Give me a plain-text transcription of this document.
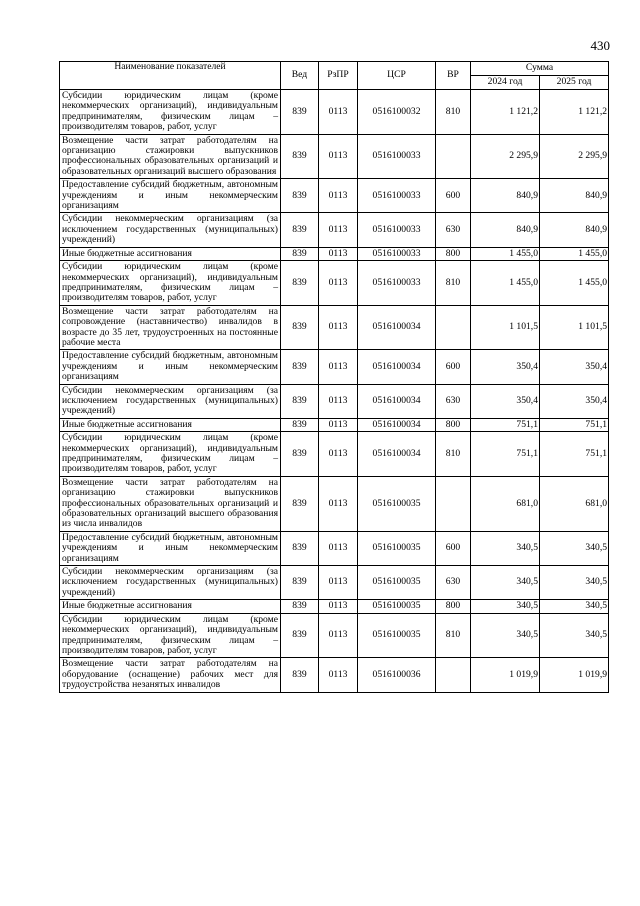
430
Наименование показателей	Вед	РзПР	ЦСР	ВР	Сумма	
					2024 год	2025 год
Субсидии юридическим лицам (кроме некоммерческих организаций), индивидуальным предпринимателям, физическим лицам – производителям товаров, работ, услуг	839	0113	0516100032	810	1 121,2	1 121,2
Возмещение части затрат работодателям на организацию стажировки выпускников профессиональных образовательных организаций и образовательных организаций высшего образования	839	0113	0516100033		2 295,9	2 295,9
Предоставление субсидий бюджетным, автономным учреждениям и иным некоммерческим организациям	839	0113	0516100033	600	840,9	840,9
Субсидии некоммерческим организациям (за исключением государственных (муниципальных) учреждений)	839	0113	0516100033	630	840,9	840,9
Иные бюджетные ассигнования	839	0113	0516100033	800	1 455,0	1 455,0
Субсидии юридическим лицам (кроме некоммерческих организаций), индивидуальным предпринимателям, физическим лицам – производителям товаров, работ, услуг	839	0113	0516100033	810	1 455,0	1 455,0
Возмещение части затрат работодателям на сопровождение (наставничество) инвалидов в возрасте до 35 лет, трудоустроенных на постоянные рабочие места	839	0113	0516100034		1 101,5	1 101,5
Предоставление субсидий бюджетным, автономным учреждениям и иным некоммерческим организациям	839	0113	0516100034	600	350,4	350,4
Субсидии некоммерческим организациям (за исключением государственных (муниципальных) учреждений)	839	0113	0516100034	630	350,4	350,4
Иные бюджетные ассигнования	839	0113	0516100034	800	751,1	751,1
Субсидии юридическим лицам (кроме некоммерческих организаций), индивидуальным предпринимателям, физическим лицам – производителям товаров, работ, услуг	839	0113	0516100034	810	751,1	751,1
Возмещение части затрат работодателям на организацию стажировки выпускников профессиональных образовательных организаций и образовательных организаций высшего образования из числа инвалидов	839	0113	0516100035		681,0	681,0
Предоставление субсидий бюджетным, автономным учреждениям и иным некоммерческим организациям	839	0113	0516100035	600	340,5	340,5
Субсидии некоммерческим организациям (за исключением государственных (муниципальных) учреждений)	839	0113	0516100035	630	340,5	340,5
Иные бюджетные ассигнования	839	0113	0516100035	800	340,5	340,5
Субсидии юридическим лицам (кроме некоммерческих организаций), индивидуальным предпринимателям, физическим лицам – производителям товаров, работ, услуг	839	0113	0516100035	810	340,5	340,5
Возмещение части затрат работодателям на оборудование (оснащение) рабочих мест для трудоустройства незанятых инвалидов	839	0113	0516100036		1 019,9	1 019,9
